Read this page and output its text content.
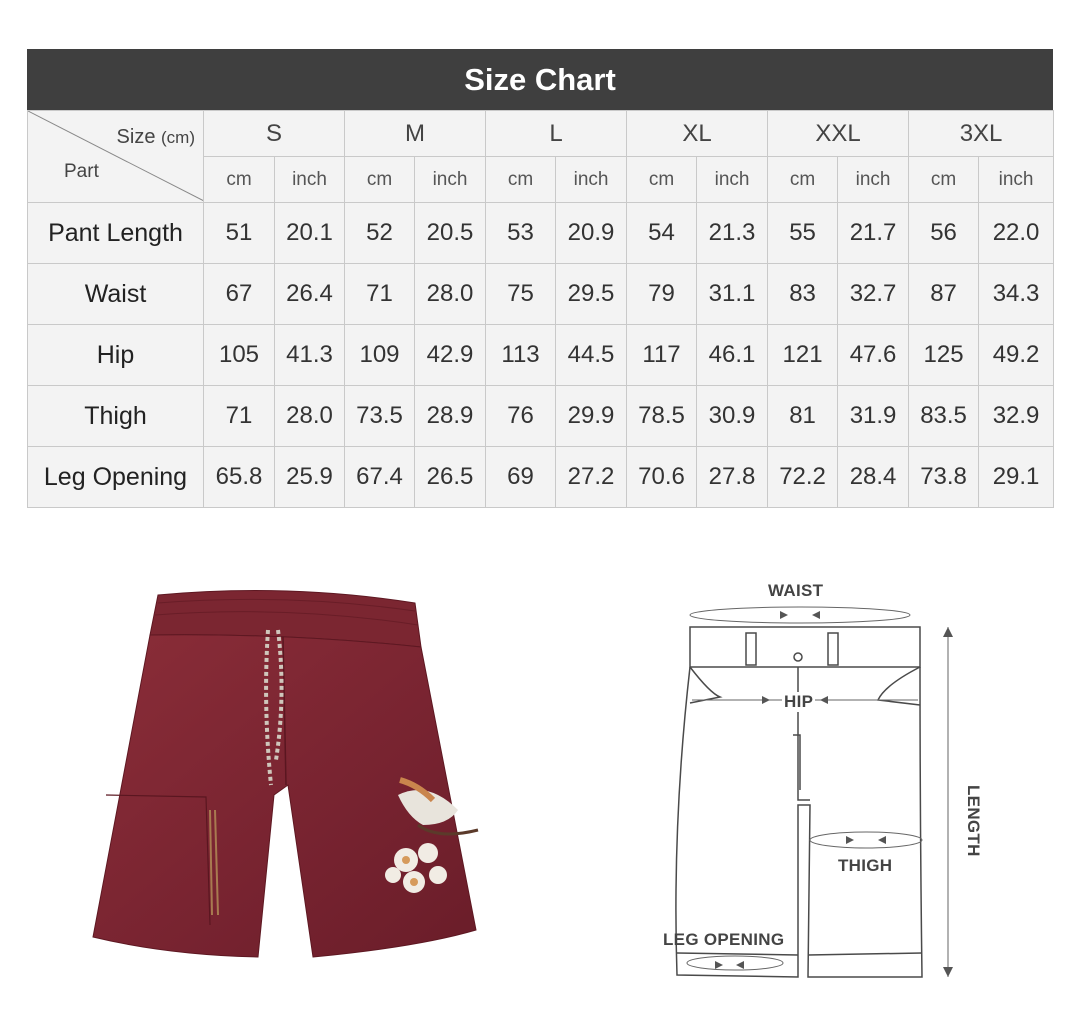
Size Chart
Size (cm)
Part	S		M		L		XL		XXL		3XL	
	cm	inch	cm	inch	cm	inch	cm	inch	cm	inch	cm	inch
Pant Length	51	20.1	52	20.5	53	20.9	54	21.3	55	21.7	56	22.0
Waist	67	26.4	71	28.0	75	29.5	79	31.1	83	32.7	87	34.3
Hip	105	41.3	109	42.9	113	44.5	117	46.1	121	47.6	125	49.2
Thigh	71	28.0	73.5	28.9	76	29.9	78.5	30.9	81	31.9	83.5	32.9
Leg Opening	65.8	25.9	67.4	26.5	69	27.2	70.6	27.8	72.2	28.4	73.8	29.1
WAIST
HIP
LENGTH
THIGH
LEG OPENING
